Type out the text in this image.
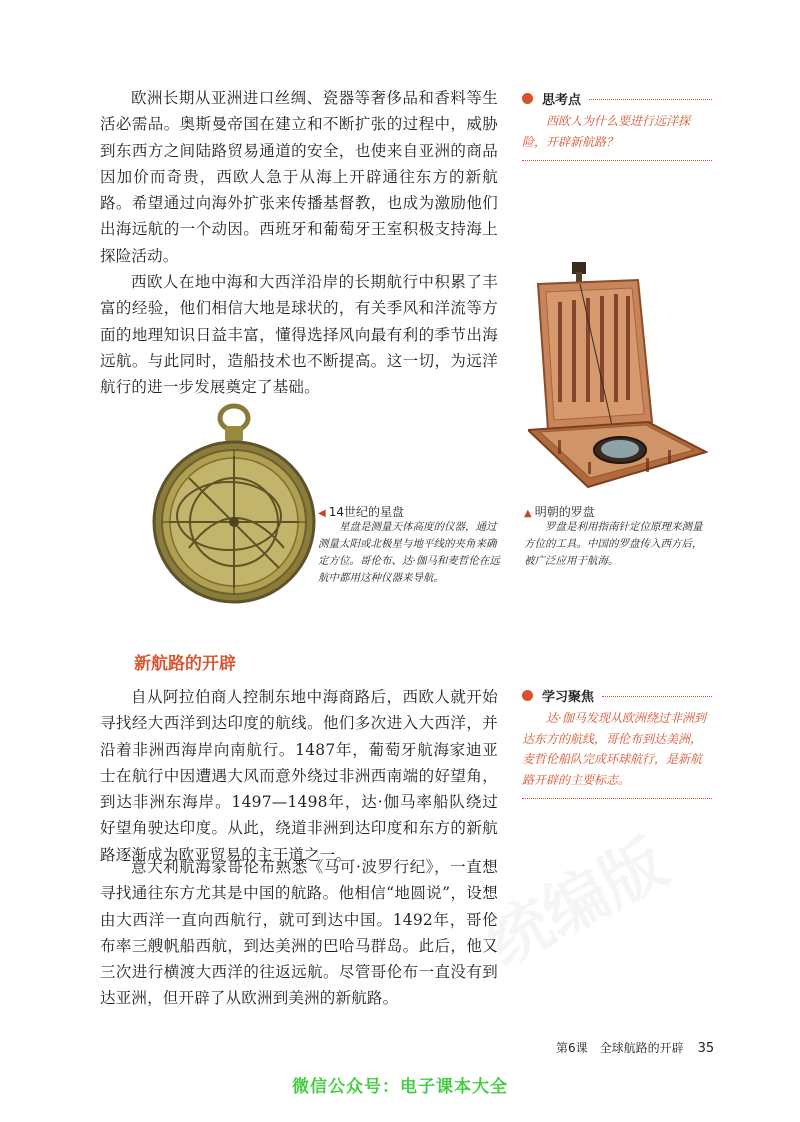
统编版

欧洲长期从亚洲进口丝绸、瓷器等奢侈品和香料等生活必需品。奥斯曼帝国在建立和不断扩张的过程中，威胁到东西方之间陆路贸易通道的安全，也使来自亚洲的商品因加价而奇贵，西欧人急于从海上开辟通往东方的新航路。希望通过向海外扩张来传播基督教，也成为激励他们出海远航的一个动因。西班牙和葡萄牙王室积极支持海上探险活动。

西欧人在地中海和大西洋沿岸的长期航行中积累了丰富的经验，他们相信大地是球状的，有关季风和洋流等方面的地理知识日益丰富，懂得选择风向最有利的季节出海远航。与此同时，造船技术也不断提高。这一切，为远洋航行的进一步发展奠定了基础。

思考点

西欧人为什么要进行远洋探险，开辟新航路？

◀ 14世纪的星盘

星盘是测量天体高度的仪器，通过测量太阳或北极星与地平线的夹角来确定方位。哥伦布、达·伽马和麦哲伦在远航中都用这种仪器来导航。

▲ 明朝的罗盘

罗盘是利用指南针定位原理来测量方位的工具。中国的罗盘传入西方后，被广泛应用于航海。

新航路的开辟

自从阿拉伯商人控制东地中海商路后，西欧人就开始寻找经大西洋到达印度的航线。他们多次进入大西洋，并沿着非洲西海岸向南航行。1487年，葡萄牙航海家迪亚士在航行中因遭遇大风而意外绕过非洲西南端的好望角，到达非洲东海岸。1497—1498年，达·伽马率船队绕过好望角驶达印度。从此，绕道非洲到达印度和东方的新航路逐渐成为欧亚贸易的主干道之一。

意大利航海家哥伦布熟悉《马可·波罗行纪》，一直想寻找通往东方尤其是中国的航路。他相信“地圆说”，设想由大西洋一直向西航行，就可到达中国。1492年，哥伦布率三艘帆船西航，到达美洲的巴哈马群岛。此后，他又三次进行横渡大西洋的往返远航。尽管哥伦布一直没有到达亚洲，但开辟了从欧洲到美洲的新航路。

学习聚焦

达·伽马发现从欧洲绕过非洲到达东方的航线，哥伦布到达美洲，麦哲伦船队完成环球航行，是新航路开辟的主要标志。

第6课　全球航路的开辟 35
微信公众号：电子课本大全
